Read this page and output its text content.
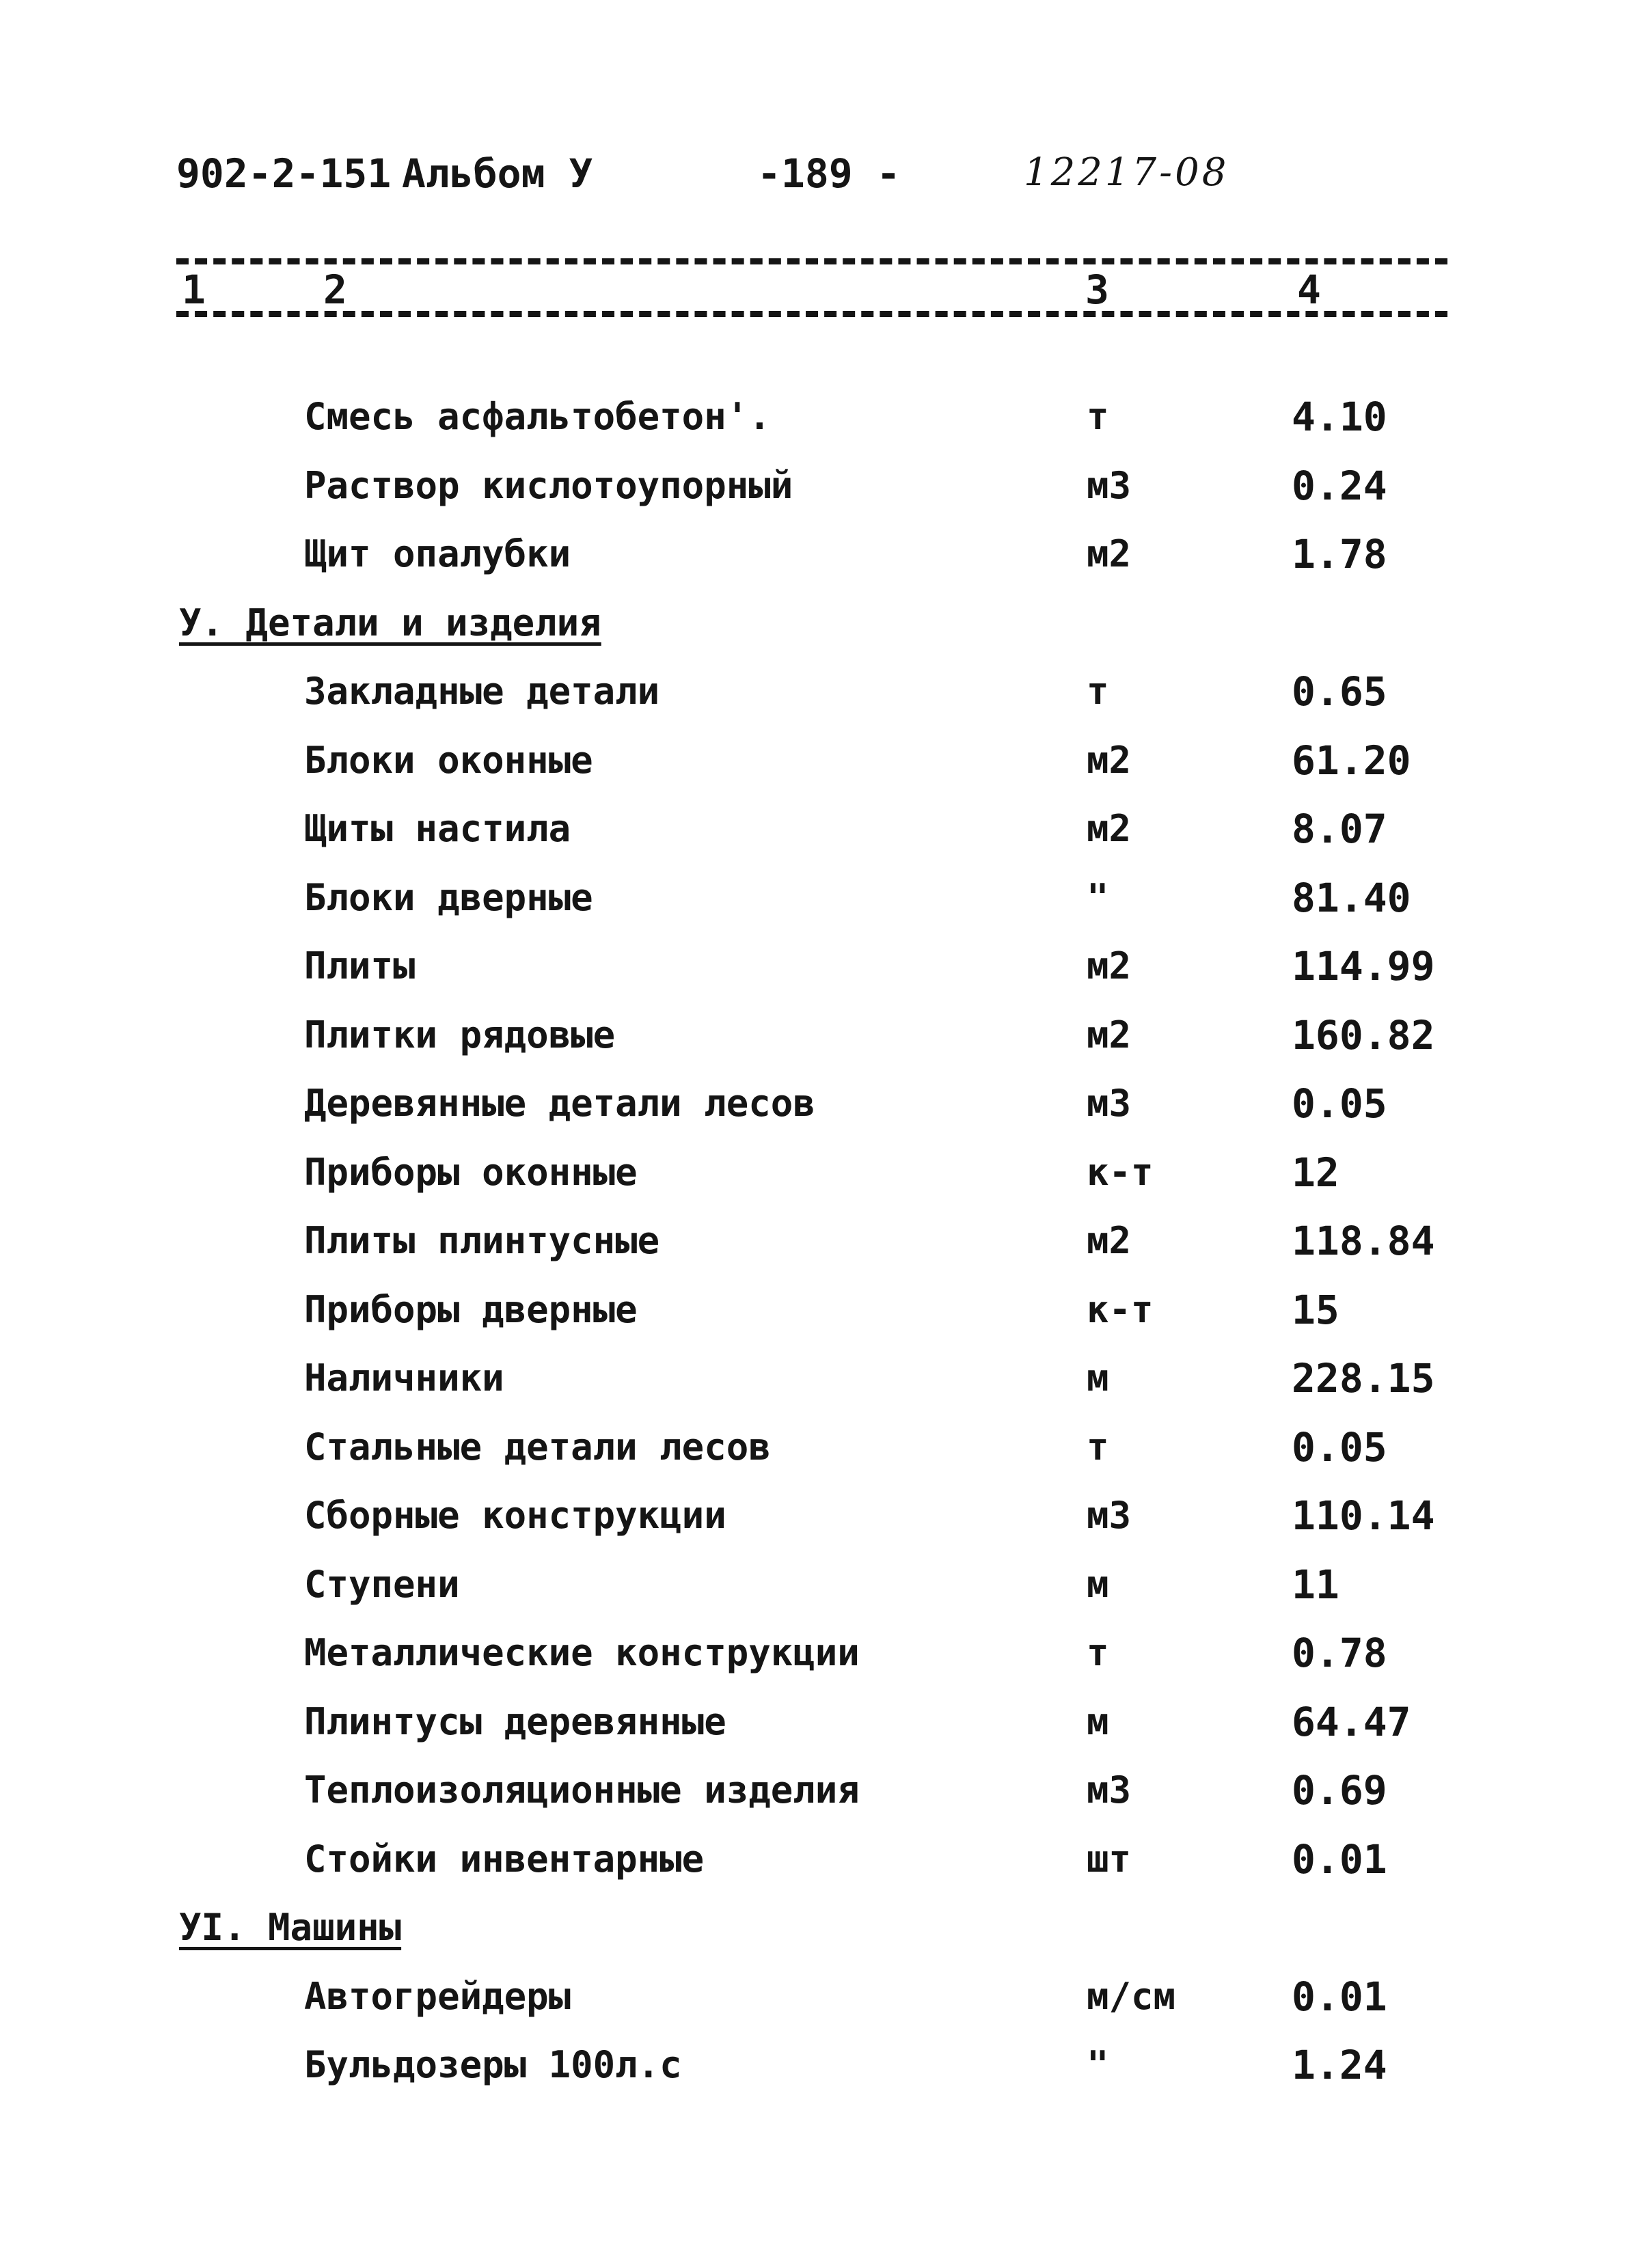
902-2-151 Альбом У	-189 -	12217-08
1	2	3	4
Смесь асфальтобетон'.	т	4.10
Раствор кислотоупорный	м3	0.24
Щит опалубки	м2	1.78
У. Детали и изделия
Закладные детали	т	0.65
Блоки оконные	м2	61.20
Щиты настила	м2	8.07
Блоки дверные	"	81.40
Плиты	м2	114.99
Плитки рядовые	м2	160.82
Деревянные детали лесов	м3	0.05
Приборы оконные	к-т	12
Плиты плинтусные	м2	118.84
Приборы дверные	к-т	15
Наличники	м	228.15
Стальные детали лесов	т	0.05
Сборные конструкции	м3	110.14
Ступени	м	11
Металлические конструкции	т	0.78
Плинтусы деревянные	м	64.47
Теплоизоляционные изделия	м3	0.69
Стойки инвентарные	шт	0.01
УI. Машины
Автогрейдеры	м/см	0.01
Бульдозеры 100л.с	"	1.24
